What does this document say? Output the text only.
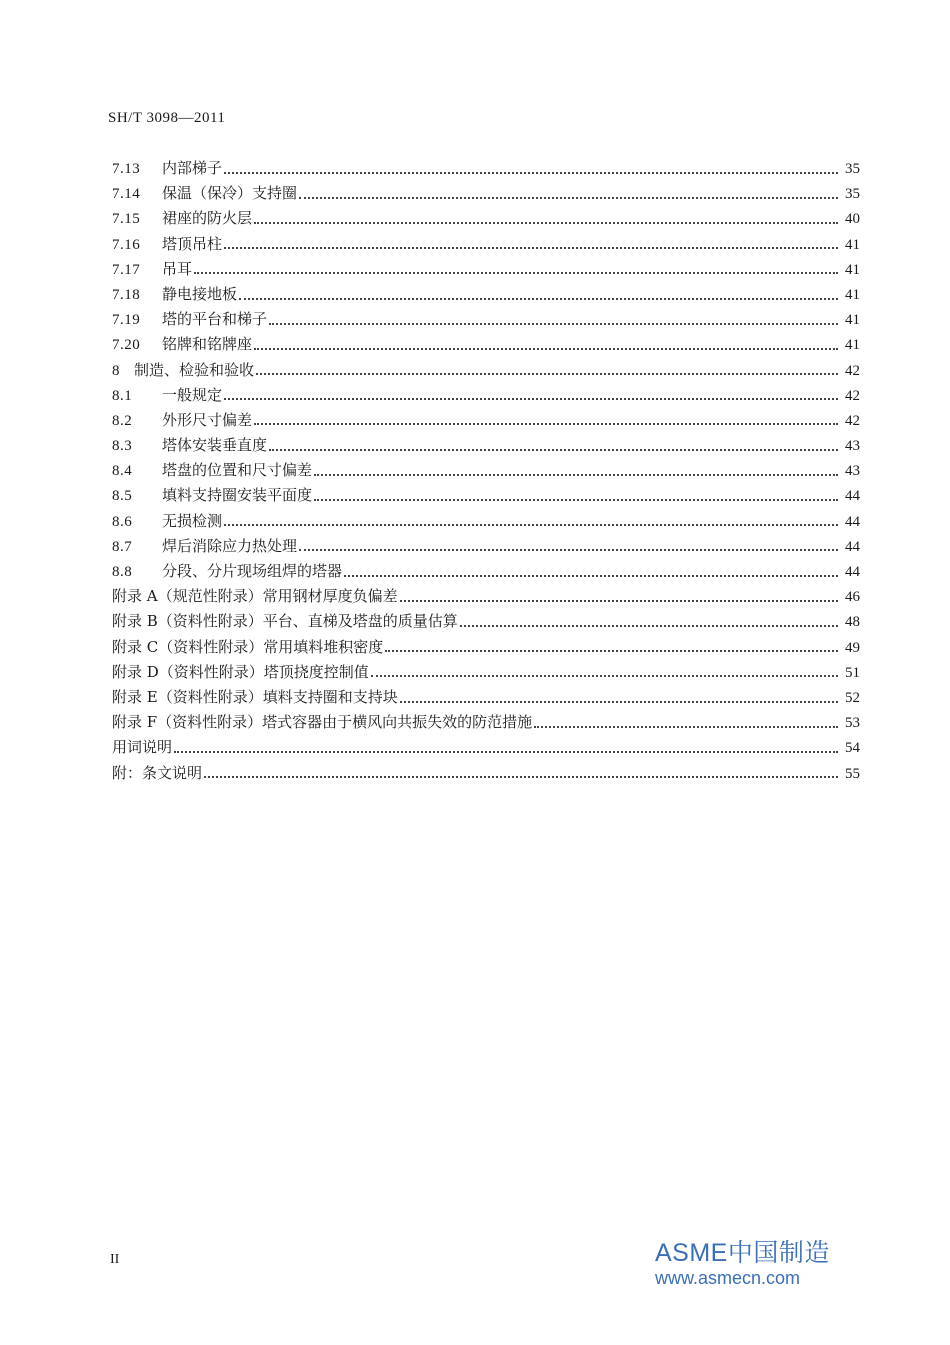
SH/T 3098—2011
7.13	内部梯子	35
7.14	保温（保冷）支持圈	35
7.15	裙座的防火层	40
7.16	塔顶吊柱	41
7.17	吊耳	41
7.18	静电接地板	41
7.19	塔的平台和梯子	41
7.20	铭牌和铭牌座	41
8 制造、检验和验收	42
8.1	一般规定	42
8.2	外形尺寸偏差	42
8.3	塔体安装垂直度	43
8.4	塔盘的位置和尺寸偏差	43
8.5	填料支持圈安装平面度	44
8.6	无损检测	44
8.7	焊后消除应力热处理	44
8.8	分段、分片现场组焊的塔器	44
附录 A（规范性附录）常用钢材厚度负偏差	46
附录 B（资料性附录）平台、直梯及塔盘的质量估算	48
附录 C（资料性附录）常用填料堆积密度	49
附录 D（资料性附录）塔顶挠度控制值	51
附录 E（资料性附录）填料支持圈和支持块	52
附录 F（资料性附录）塔式容器由于横风向共振失效的防范措施	53
用词说明	54
附：条文说明	55
II	ASME中国制造
www.asmecn.com
